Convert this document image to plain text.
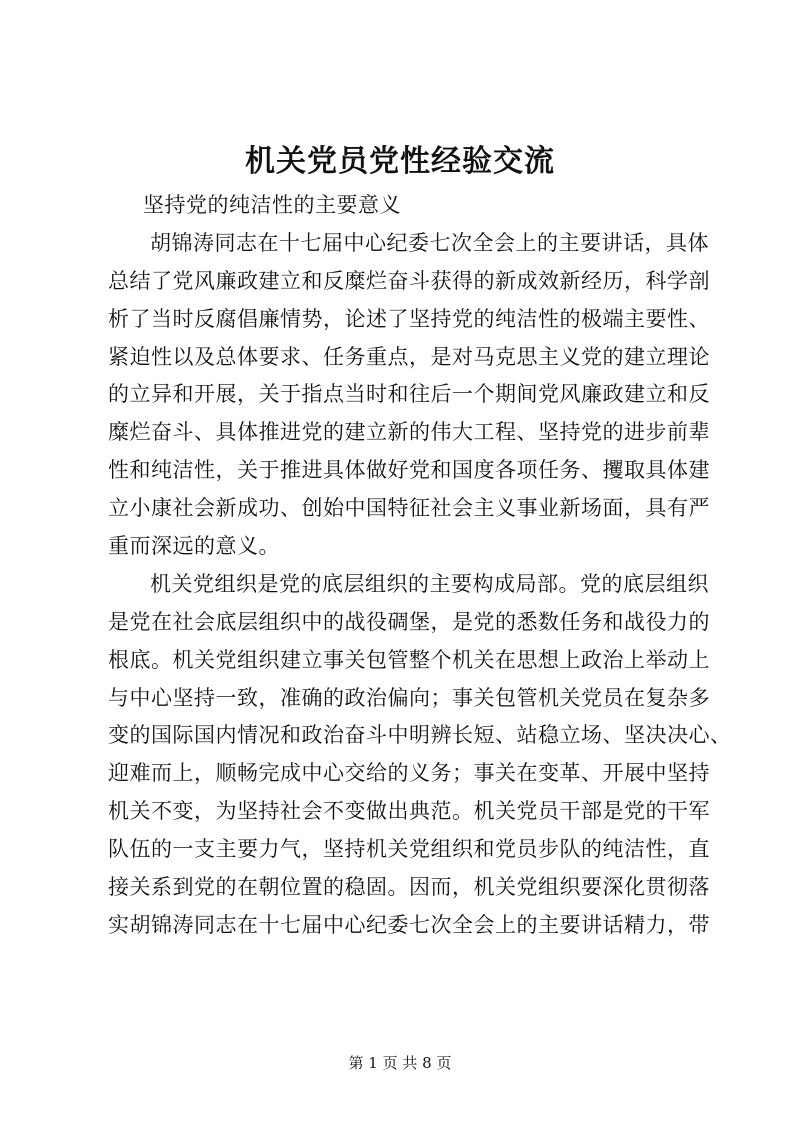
机关党员党性经验交流
坚持党的纯洁性的主要意义
胡锦涛同志在十七届中心纪委七次全会上的主要讲话，具体
总结了党风廉政建立和反糜烂奋斗获得的新成效新经历，科学剖
析了当时反腐倡廉情势，论述了坚持党的纯洁性的极端主要性、
紧迫性以及总体要求、任务重点，是对马克思主义党的建立理论
的立异和开展，关于指点当时和往后一个期间党风廉政建立和反
糜烂奋斗、具体推进党的建立新的伟大工程、坚持党的进步前辈
性和纯洁性，关于推进具体做好党和国度各项任务、攫取具体建
立小康社会新成功、创始中国特征社会主义事业新场面，具有严
重而深远的意义。
机关党组织是党的底层组织的主要构成局部。党的底层组织
是党在社会底层组织中的战役碉堡，是党的悉数任务和战役力的
根底。机关党组织建立事关包管整个机关在思想上政治上举动上
与中心坚持一致，准确的政治偏向；事关包管机关党员在复杂多
变的国际国内情况和政治奋斗中明辨长短、站稳立场、坚决决心、
迎难而上，顺畅完成中心交给的义务；事关在变革、开展中坚持
机关不变，为坚持社会不变做出典范。机关党员干部是党的干军
队伍的一支主要力气，坚持机关党组织和党员步队的纯洁性，直
接关系到党的在朝位置的稳固。因而，机关党组织要深化贯彻落
实胡锦涛同志在十七届中心纪委七次全会上的主要讲话精力，带
第 1 页 共 8 页
